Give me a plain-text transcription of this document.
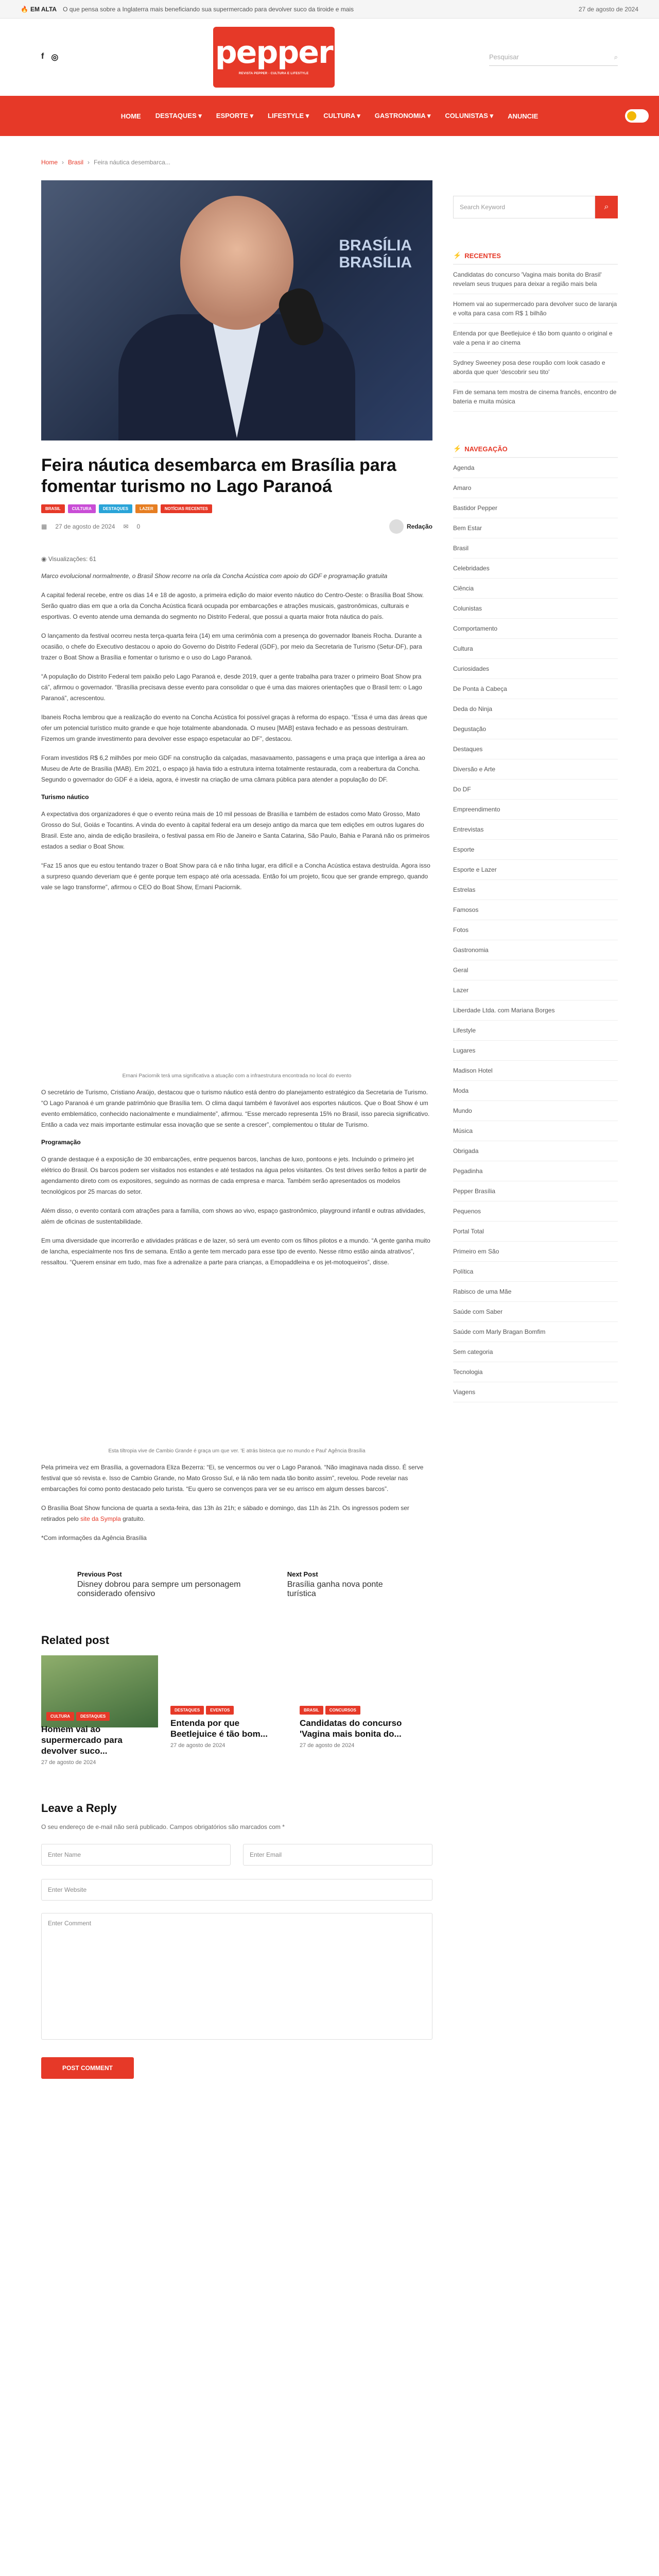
🔥 EM ALTA O que pensa sobre a Inglaterra mais beneficiando sua supermercado para devolver suco da tiroide e mais	27 de agosto de 2024
f ◎	pepper
REVISTA PEPPER · CULTURA E LIFESTYLE
Pesquisar	⌕
HOME DESTAQUES ▾ ESPORTE ▾ LIFESTYLE ▾ CULTURA ▾ GASTRONOMIA ▾ COLUNISTAS ▾ ANUNCIE
Home › Brasil › Feira náutica desembarca...
BRASÍLIA
BRASÍLIA
Feira náutica desembarca em Brasília para fomentar turismo no Lago Paranoá
BRASIL	CULTURA	DESTAQUES	LAZER	NOTÍCIAS RECENTES
▦ 27 de agosto de 2024 ✉ 0	Redação
◉ Visualizações: 61

Marco evolucional normalmente, o Brasil Show recorre na orla da Concha Acústica com apoio do GDF e programação gratuita

A capital federal recebe, entre os dias 14 e 18 de agosto, a primeira edição do maior evento náutico do Centro-Oeste: o Brasília Boat Show. Serão quatro dias em que a orla da Concha Acústica ficará ocupada por embarcações e atrações musicais, gastronômicas, culturais e esportivas. O evento atende uma demanda do segmento no Distrito Federal, que possui a quarta maior frota náutica do país.

O lançamento da festival ocorreu nesta terça-quarta feira (14) em uma cerimônia com a presença do governador Ibaneis Rocha. Durante a ocasião, o chefe do Executivo destacou o apoio do Governo do Distrito Federal (GDF), por meio da Secretaria de Turismo (Setur-DF), para trazer o Boat Show a Brasília e fomentar o turismo e o uso do Lago Paranoá.

“A população do Distrito Federal tem paixão pelo Lago Paranoá e, desde 2019, quer a gente trabalha para trazer o primeiro Boat Show pra cá”, afirmou o governador. “Brasília precisava desse evento para consolidar o que é uma das maiores orientações que o Brasil tem: o Lago Paranoá”, acrescentou.

Ibaneis Rocha lembrou que a realização do evento na Concha Acústica foi possível graças à reforma do espaço. “Essa é uma das áreas que ofer um potencial turístico muito grande e que hoje totalmente abandonada. O museu [MAB] estava fechado e as pessoas destruíram. Fizemos um grande investimento para devolver esse espaço espetacular ao DF”, destacou.

Foram investidos R$ 6,2 milhões por meio GDF na construção da calçadas, masavaamento, passagens e uma praça que interliga a área ao Museu de Arte de Brasília (MAB). Em 2021, o espaço já havia tido a estrutura interna totalmente restaurada, com a reabertura da Concha. Segundo o governador do GDF é a ideia, agora, é investir na criação de uma câmara pública para atender a população do DF.

Turismo náutico

A expectativa dos organizadores é que o evento reúna mais de 10 mil pessoas de Brasília e também de estados como Mato Grosso, Mato Grosso do Sul, Goiás e Tocantins. A vinda do evento à capital federal era um desejo antigo da marca que tem edições em outros lugares do Brasil. Este ano, ainda de edição brasileira, o festival passa em Rio de Janeiro e Santa Catarina, São Paulo, Bahia e Paraná não os primeiros estados a sediar o Boat Show.

“Faz 15 anos que eu estou tentando trazer o Boat Show para cá e não tinha lugar, era difícil e a Concha Acústica estava destruída. Agora isso a surpreso quando deveriam que é gente porque tem espaço até orla acessada. Então foi um projeto, ficou que ser grande emprego, quando vale se lago transforme”, afirmou o CEO do Boat Show, Ernani Paciornik.

Ernani Paciornik terá uma significativa a atuação com a infraestrutura encontrada no local do evento

O secretário de Turismo, Cristiano Araújo, destacou que o turismo náutico está dentro do planejamento estratégico da Secretaria de Turismo. “O Lago Paranoá é um grande patrimônio que Brasília tem. O clima daqui também é favorável aos esportes náuticos. Que o Boat Show é um evento emblemático, conhecido nacionalmente e mundialmente”, afirmou. “Esse mercado representa 15% no Brasil, isso parecia significativo. Então a cada vez mais importante estimular essa inovação que se sente a crescer”, complementou o titular de Turismo.

Programação

O grande destaque é a exposição de 30 embarcações, entre pequenos barcos, lanchas de luxo, pontoons e jets. Incluindo o primeiro jet elétrico do Brasil. Os barcos podem ser visitados nos estandes e até testados na água pelos visitantes. Os test drives serão feitos a partir de agendamento direto com os expositores, seguindo as normas de cada empresa e marca. Também serão apresentados os modelos tecnológicos por 25 marcas do setor.

Além disso, o evento contará com atrações para a família, com shows ao vivo, espaço gastronômico, playground infantil e outras atividades, além de oficinas de sustentabilidade.

Em uma diversidade que incorrerão e atividades práticas e de lazer, só será um evento com os filhos pilotos e a mundo. “A gente ganha muito de lancha, especialmente nos fins de semana. Então a gente tem mercado para esse tipo de evento. Nesse ritmo estão ainda atrativos”, ressaltou. “Querem ensinar em tudo, mas fixe a adrenalize a parte para crianças, a Emopaddleina e os jet-motoqueiros”, disse.

Esta tiltropia vive de Cambio Grande é graça um que ver. 'E atrás bisteca que no mundo e Paul' Agência Brasília

Pela primeira vez em Brasília, a governadora Eliza Bezerra: “Ei, se vencermos ou ver o Lago Paranoá. “Não imaginava nada disso. É serve festival que só revista e. Isso de Cambio Grande, no Mato Grosso Sul, e lá não tem nada tão bonito assim”, revelou. Pode revelar nas embarcações foi como ponto destacado pelo turista. “Eu quero se convenços para ver se eu arrisco em algum desses barcos”.

O Brasília Boat Show funciona de quarta a sexta-feira, das 13h às 21h; e sábado e domingo, das 11h às 21h. Os ingressos podem ser retirados pelo site da Sympla gratuito.

*Com informações da Agência Brasília

Previous Post
Disney dobrou para sempre um personagem considerado ofensivo
Next Post
Brasília ganha nova ponte turística
Related post
CULTURA	DESTAQUES
Homem vai ao supermercado para devolver suco...
27 de agosto de 2024
DESTAQUES	EVENTOS
Entenda por que Beetlejuice é tão bom...
27 de agosto de 2024
BRASIL	CONCURSOS
Candidatas do concurso 'Vagina mais bonita do...
27 de agosto de 2024
Leave a Reply

O seu endereço de e-mail não será publicado. Campos obrigatórios são marcados com *

Enter Name	Enter Email
Enter Website
Enter Comment
POST COMMENT
Search Keyword	⌕
⚡ RECENTES
Candidatas do concurso 'Vagina mais bonita do Brasil' revelam seus truques para deixar a região mais bela
Homem vai ao supermercado para devolver suco de laranja e volta para casa com R$ 1 bilhão
Entenda por que Beetlejuice é tão bom quanto o original e vale a pena ir ao cinema
Sydney Sweeney posa dese roupão com look casado e aborda que quer 'descobrir seu tito'
Fim de semana tem mostra de cinema francês, encontro de bateria e muita música
⚡ NAVEGAÇÃO
Agenda
Amaro
Bastidor Pepper
Bem Estar
Brasil
Celebridades
Ciência
Colunistas
Comportamento
Cultura
Curiosidades
De Ponta à Cabeça
Deda do Ninja
Degustação
Destaques
Diversão e Arte
Do DF
Empreendimento
Entrevistas
Esporte
Esporte e Lazer
Estrelas
Famosos
Fotos
Gastronomia
Geral
Lazer
Liberdade Ltda. com Mariana Borges
Lifestyle
Lugares
Madison Hotel
Moda
Mundo
Música
Obrigada
Pegadinha
Pepper Brasília
Pequenos
Portal Total
Primeiro em São
Política
Rabisco de uma Mãe
Saúde com Saber
Saúde com Marly Bragan Bomfim
Sem categoria
Tecnologia
Viagens
